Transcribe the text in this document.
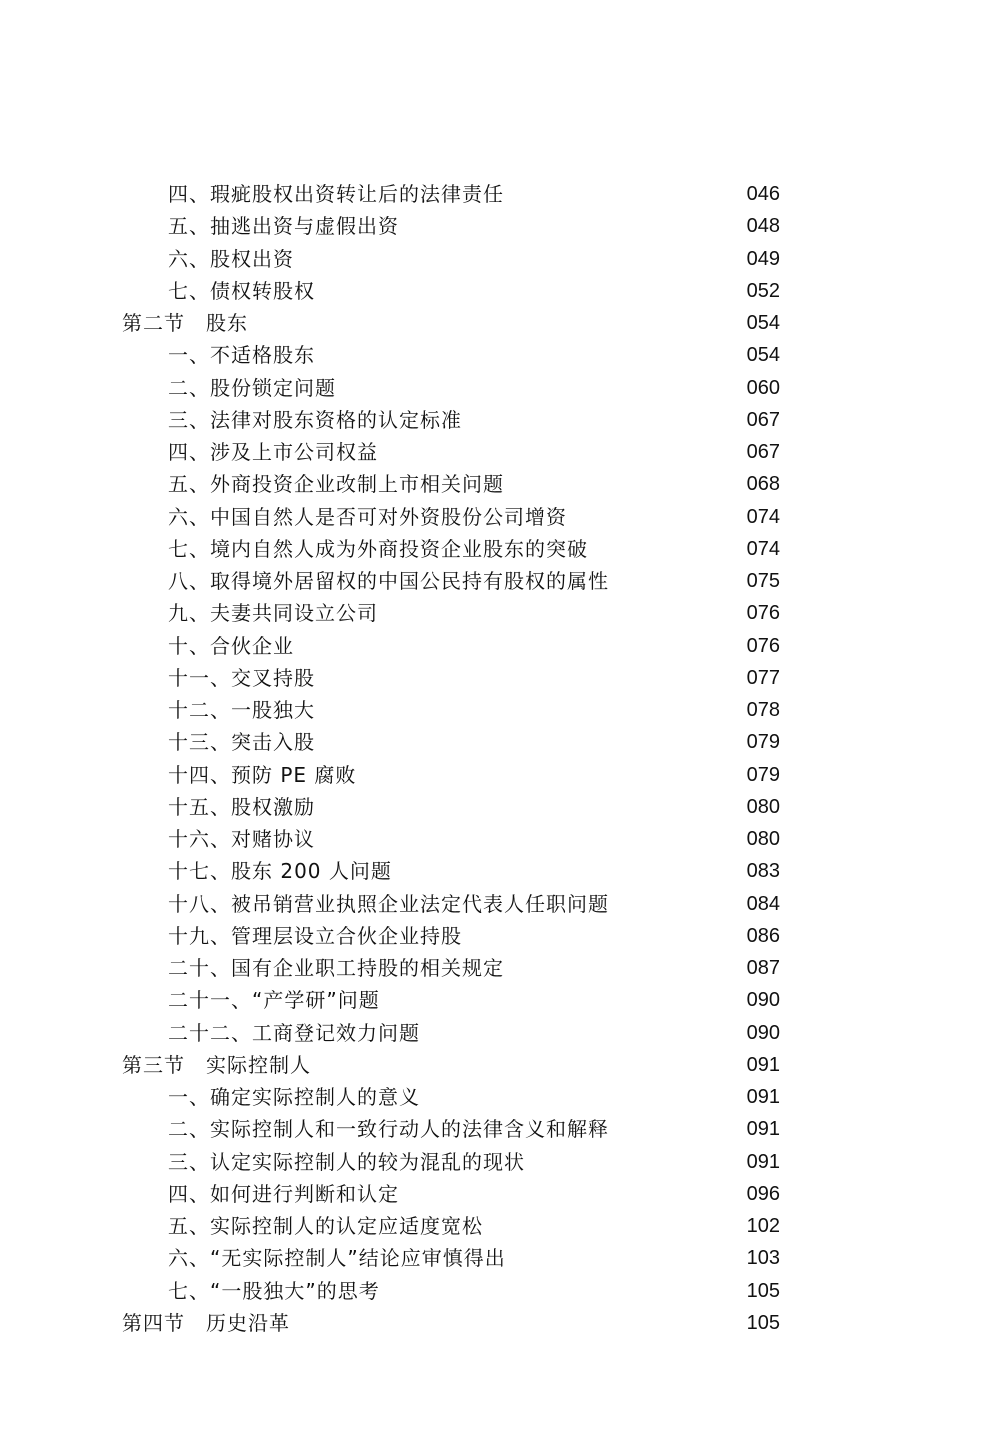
四、瑕疵股权出资转让后的法律责任	046
五、抽逃出资与虚假出资	048
六、股权出资	049
七、债权转股权	052
第二节　股东	054
一、不适格股东	054
二、股份锁定问题	060
三、法律对股东资格的认定标准	067
四、涉及上市公司权益	067
五、外商投资企业改制上市相关问题	068
六、中国自然人是否可对外资股份公司增资	074
七、境内自然人成为外商投资企业股东的突破	074
八、取得境外居留权的中国公民持有股权的属性	075
九、夫妻共同设立公司	076
十、合伙企业	076
十一、交叉持股	077
十二、一股独大	078
十三、突击入股	079
十四、预防 PE 腐败	079
十五、股权激励	080
十六、对赌协议	080
十七、股东 200 人问题	083
十八、被吊销营业执照企业法定代表人任职问题	084
十九、管理层设立合伙企业持股	086
二十、国有企业职工持股的相关规定	087
二十一、“产学研”问题	090
二十二、工商登记效力问题	090
第三节　实际控制人	091
一、确定实际控制人的意义	091
二、实际控制人和一致行动人的法律含义和解释	091
三、认定实际控制人的较为混乱的现状	091
四、如何进行判断和认定	096
五、实际控制人的认定应适度宽松	102
六、“无实际控制人”结论应审慎得出	103
七、“一股独大”的思考	105
第四节　历史沿革	105
